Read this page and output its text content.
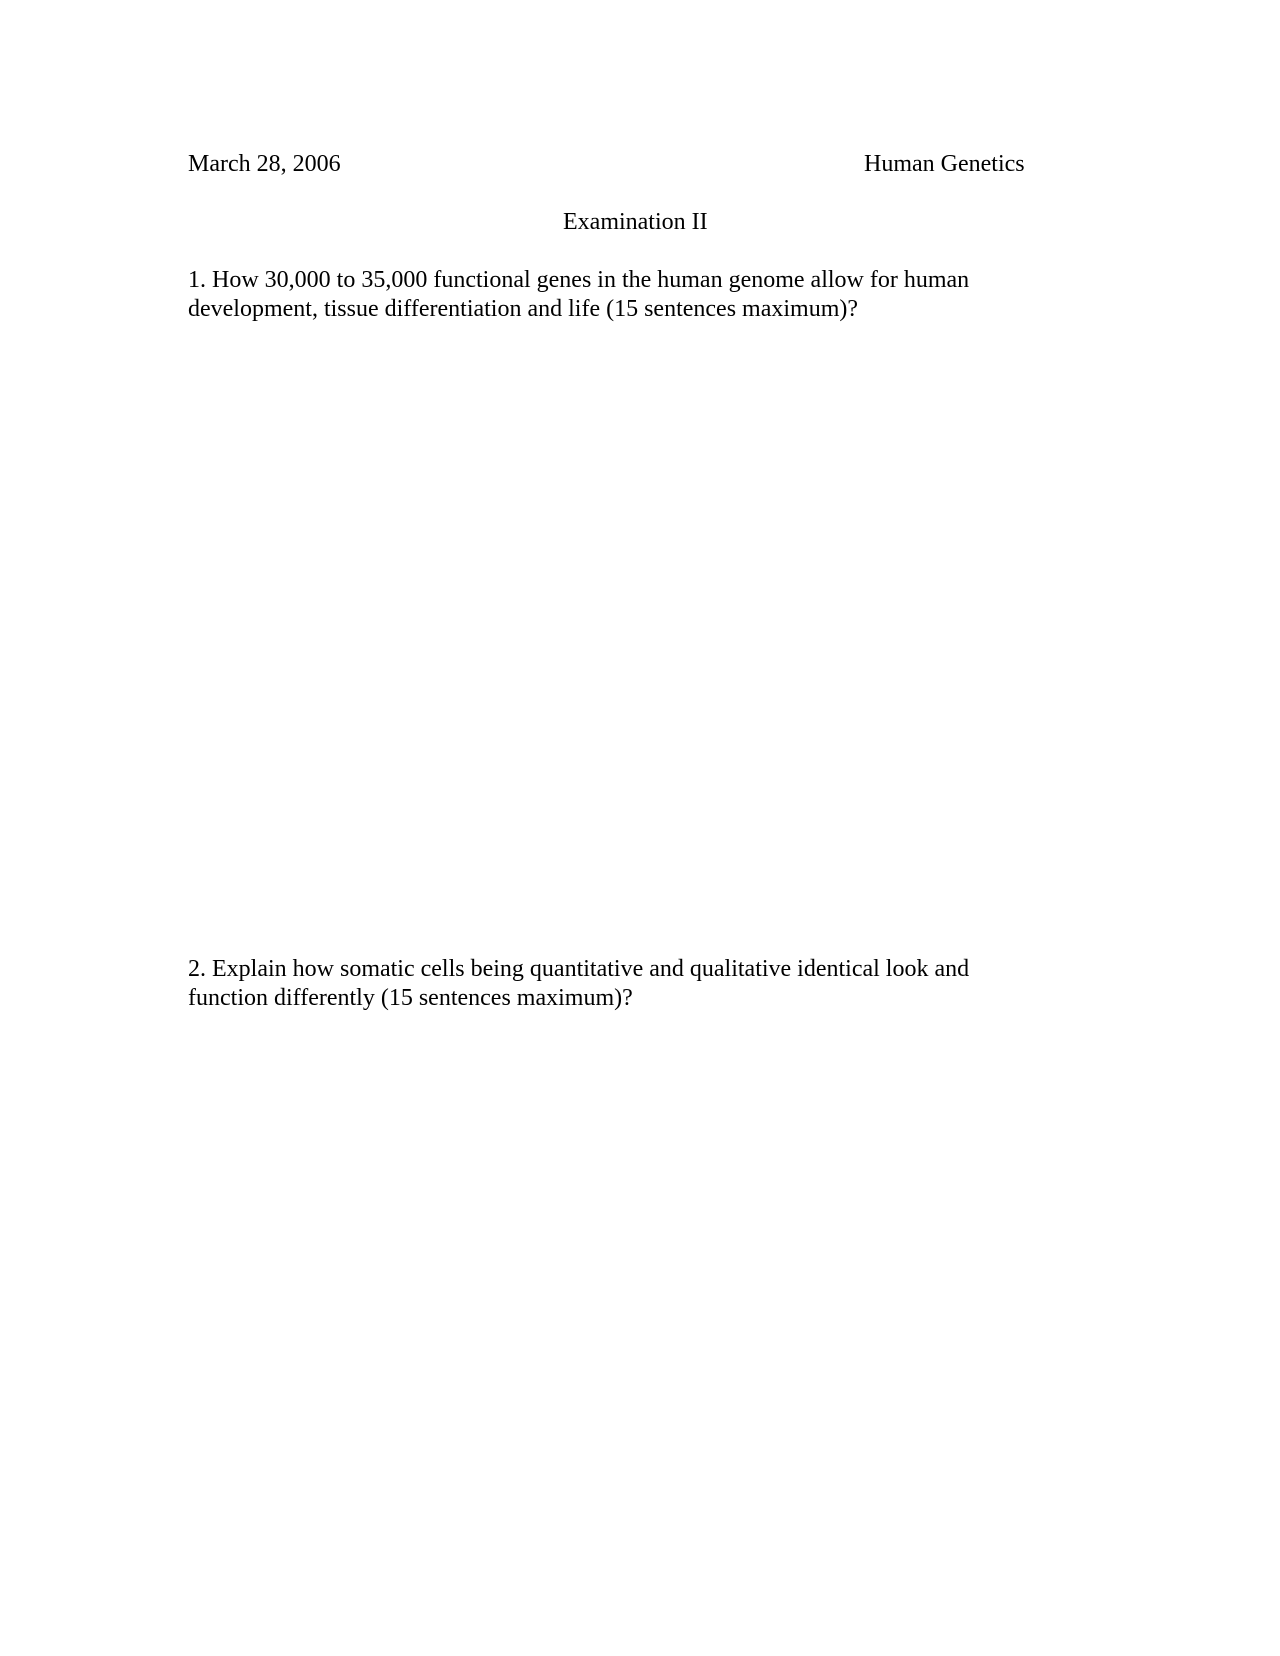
March 28, 2006	Human Genetics
Examination II
1. How 30,000 to 35,000 functional genes in the human genome allow for human
development, tissue differentiation and life (15 sentences maximum)?
2. Explain how somatic cells being quantitative and qualitative identical look and
function differently (15 sentences maximum)?
